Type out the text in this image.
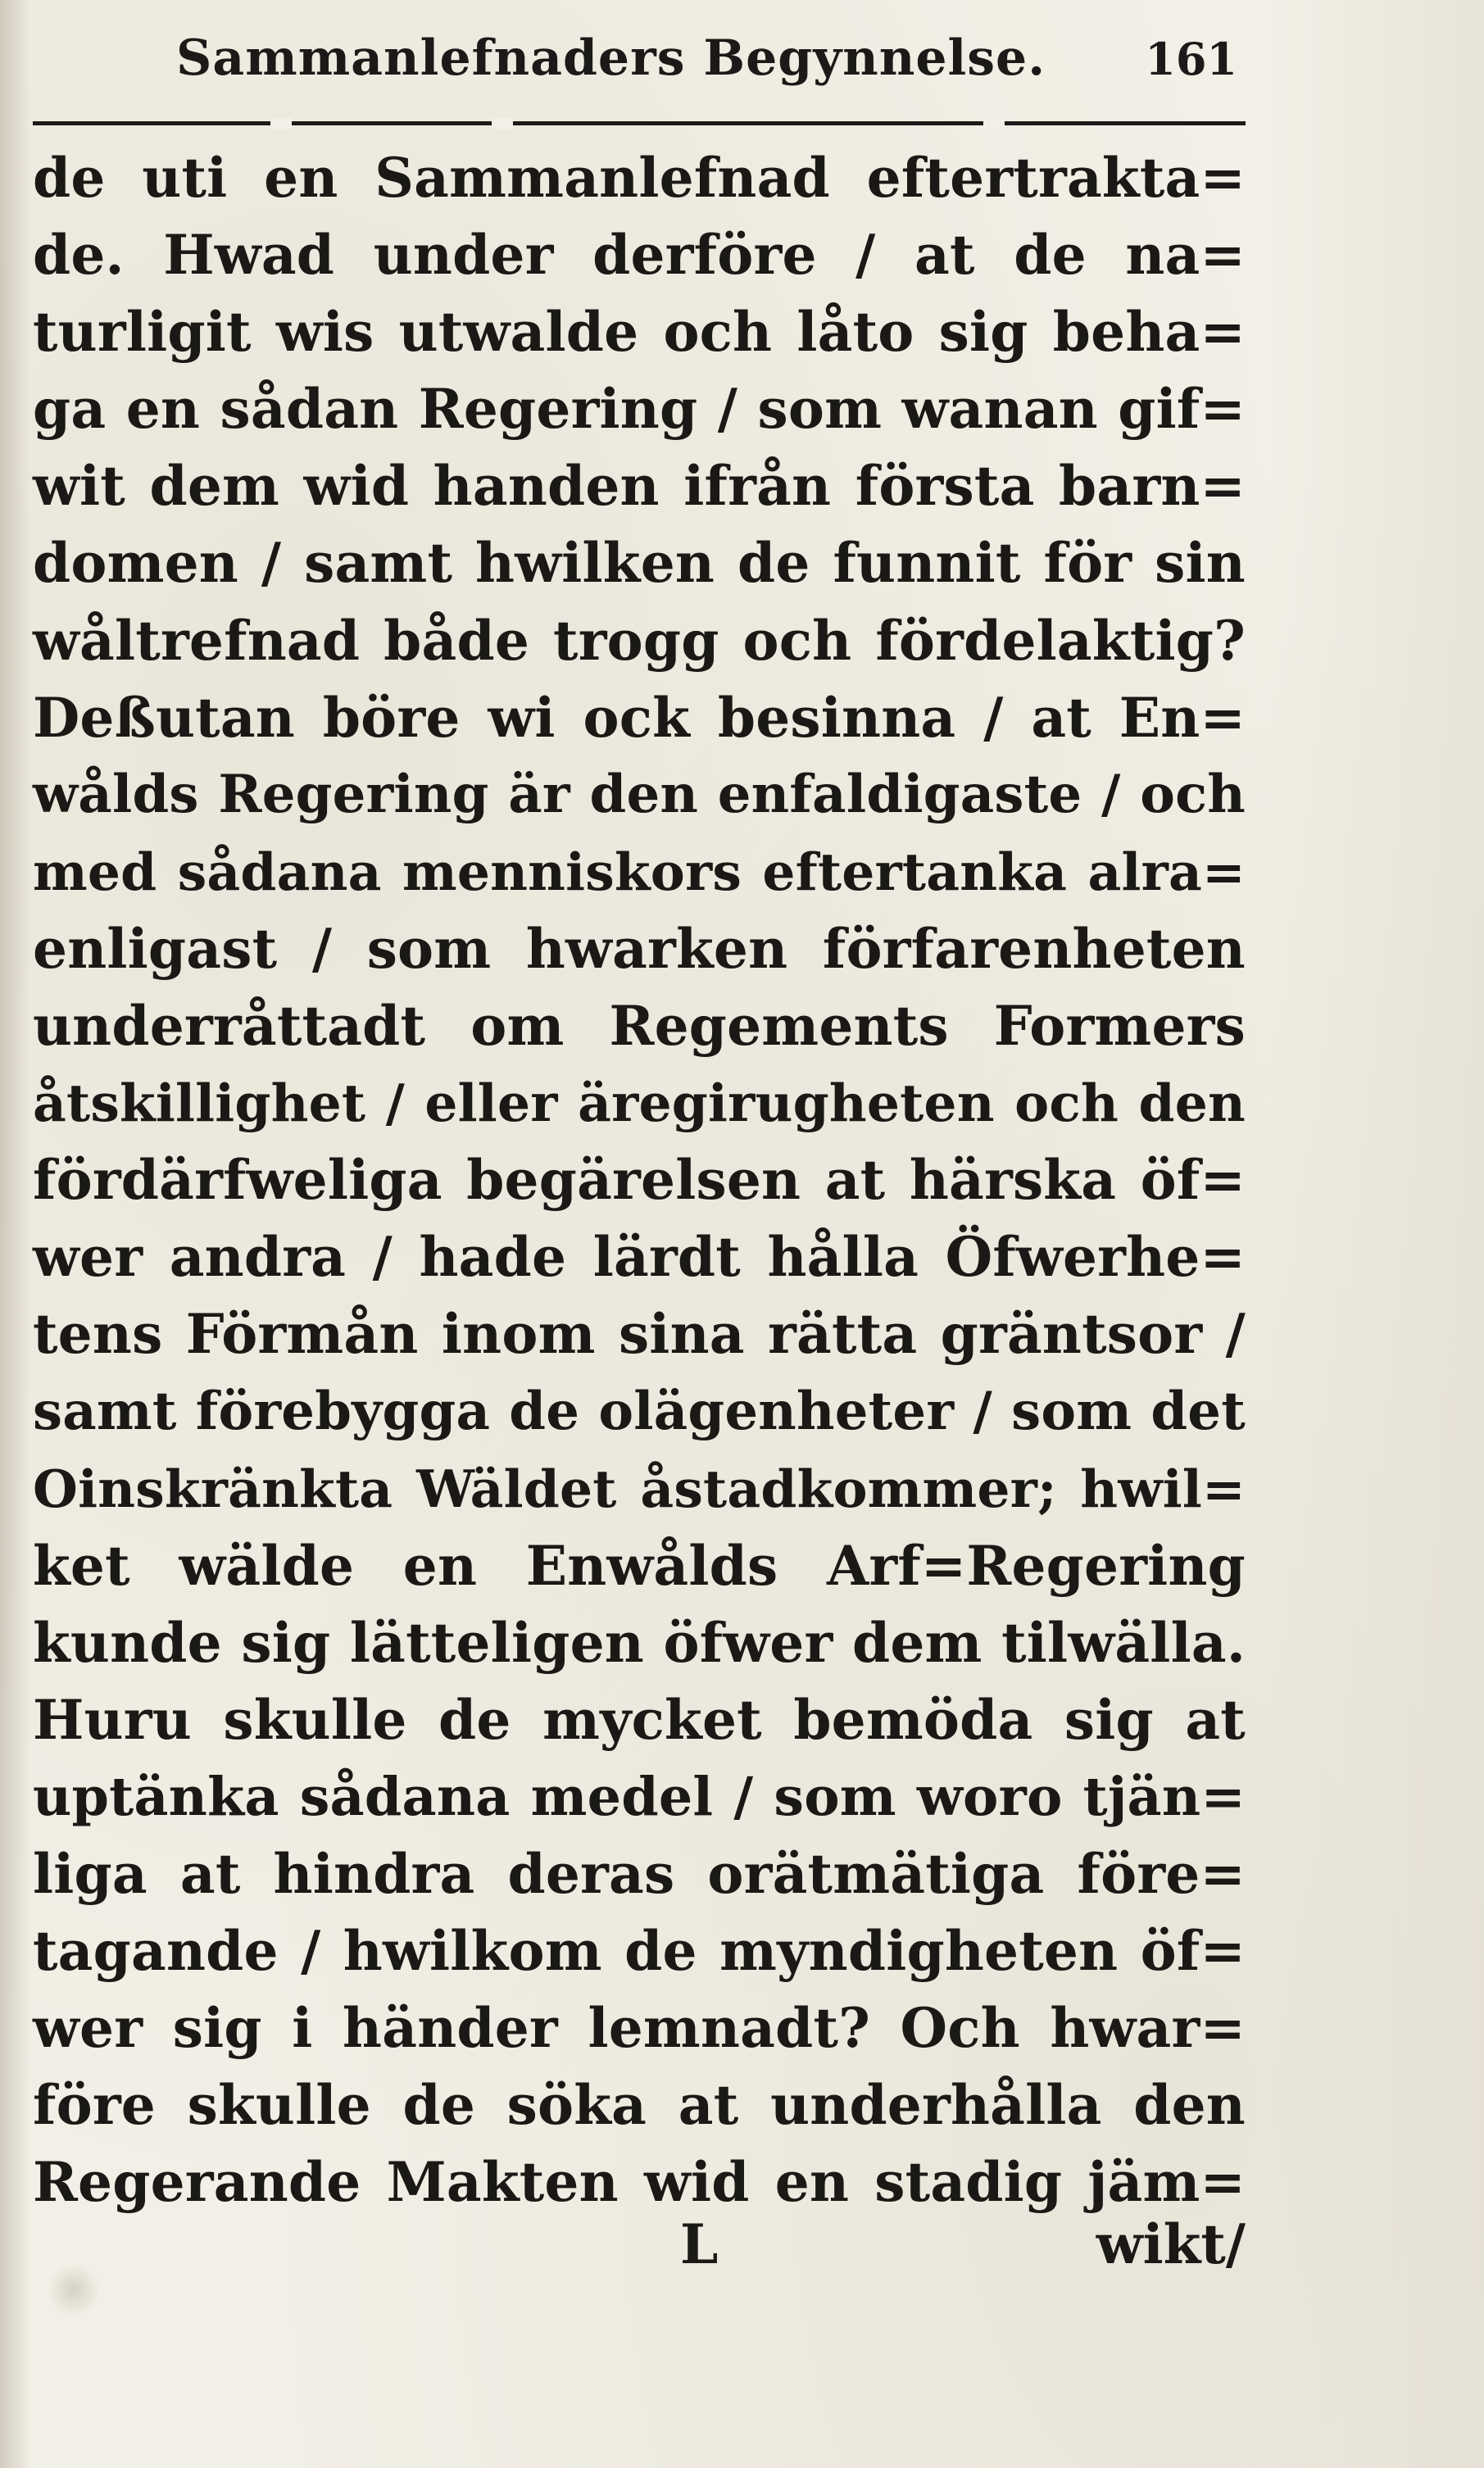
Sammanlefnaders Begynnelse. 161
de uti en Sammanlefnad eftertrakta=
de. Hwad under derföre / at de na=
turligit wis utwalde och låto sig beha=
ga en sådan Regering / som wanan gif=
wit dem wid handen ifrån första barn=
domen / samt hwilken de funnit för sin
wåltrefnad både trogg och fördelaktig?
Deßutan böre wi ock besinna / at En=
wålds Regering är den enfaldigaste / och
med sådana menniskors eftertanka alra=
enligast / som hwarken förfarenheten
underråttadt om Regements Formers
åtskillighet / eller äregirugheten och den
fördärfweliga begärelsen at härska öf=
wer andra / hade lärdt hålla Öfwerhe=
tens Förmån inom sina rätta gräntsor /
samt förebygga de olägenheter / som det
Oinskränkta Wäldet åstadkommer; hwil=
ket wälde en Enwålds Arf=Regering
kunde sig lätteligen öfwer dem tilwälla.
Huru skulle de mycket bemöda sig at
uptänka sådana medel / som woro tjän=
liga at hindra deras orätmätiga före=
tagande / hwilkom de myndigheten öf=
wer sig i händer lemnadt? Och hwar=
före skulle de söka at underhålla den
Regerande Makten wid en stadig jäm=
L	wikt/
